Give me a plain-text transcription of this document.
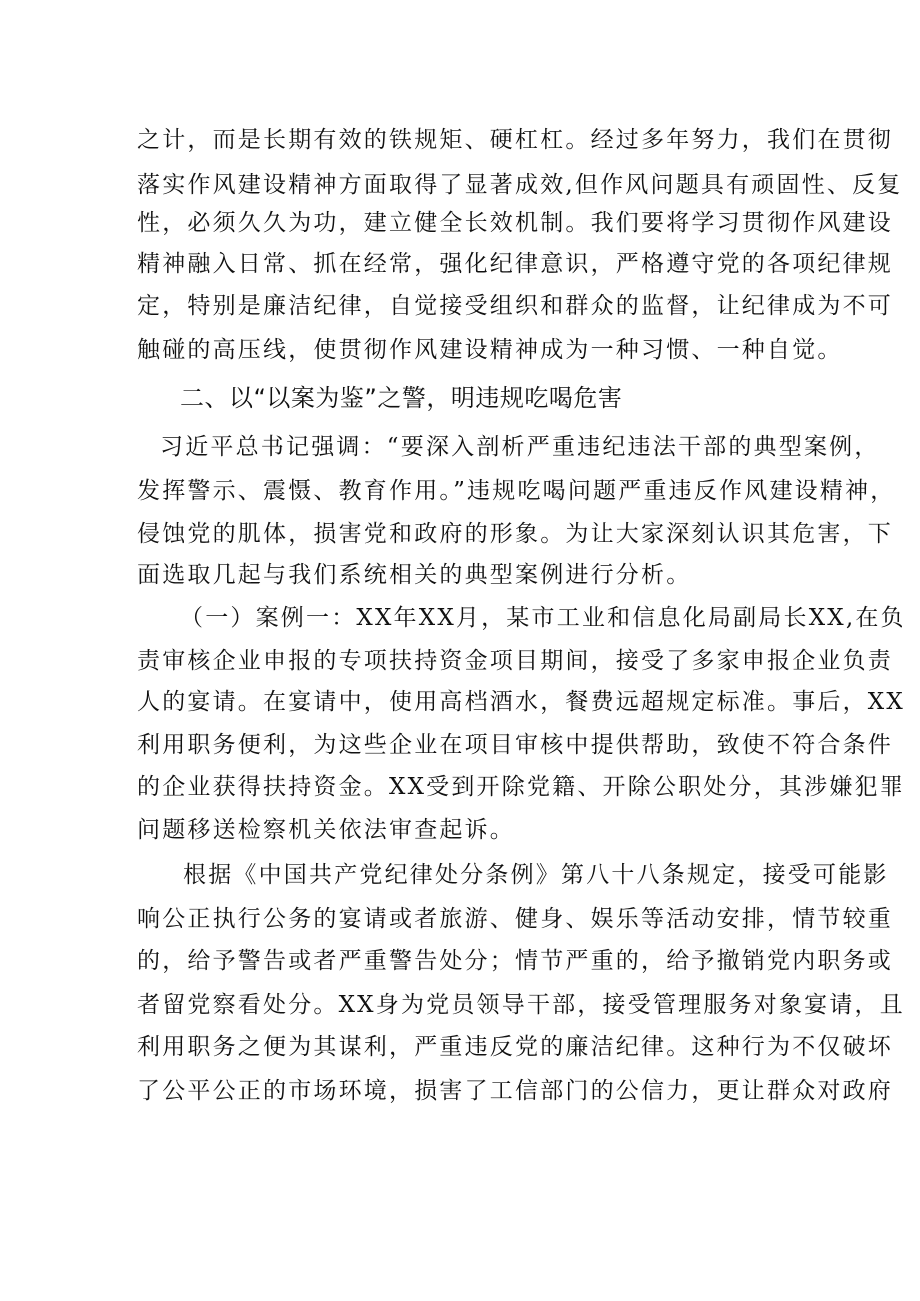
之计，而是长期有效的铁规矩、硬杠杠。经过多年努力，我们在贯彻
落实作风建设精神方面取得了显著成效,但作风问题具有顽固性、反复
性，必须久久为功，建立健全长效机制。我们要将学习贯彻作风建设
精神融入日常、抓在经常，强化纪律意识，严格遵守党的各项纪律规
定，特别是廉洁纪律，自觉接受组织和群众的监督，让纪律成为不可
触碰的高压线，使贯彻作风建设精神成为一种习惯、一种自觉。
二、以“以案为鉴”之警，明违规吃喝危害
习近平总书记强调：“要深入剖析严重违纪违法干部的典型案例，
发挥警示、震慑、教育作用。”违规吃喝问题严重违反作风建设精神，
侵蚀党的肌体，损害党和政府的形象。为让大家深刻认识其危害，下
面选取几起与我们系统相关的典型案例进行分析。
（一）案例一：XX年XX月，某市工业和信息化局副局长XX,在负
责审核企业申报的专项扶持资金项目期间，接受了多家申报企业负责
人的宴请。在宴请中，使用高档酒水，餐费远超规定标准。事后，XX
利用职务便利，为这些企业在项目审核中提供帮助，致使不符合条件
的企业获得扶持资金。XX受到开除党籍、开除公职处分，其涉嫌犯罪
问题移送检察机关依法审查起诉。
根据《中国共产党纪律处分条例》第八十八条规定，接受可能影
响公正执行公务的宴请或者旅游、健身、娱乐等活动安排，情节较重
的，给予警告或者严重警告处分；情节严重的，给予撤销党内职务或
者留党察看处分。XX身为党员领导干部，接受管理服务对象宴请，且
利用职务之便为其谋利，严重违反党的廉洁纪律。这种行为不仅破坏
了公平公正的市场环境，损害了工信部门的公信力，更让群众对政府
